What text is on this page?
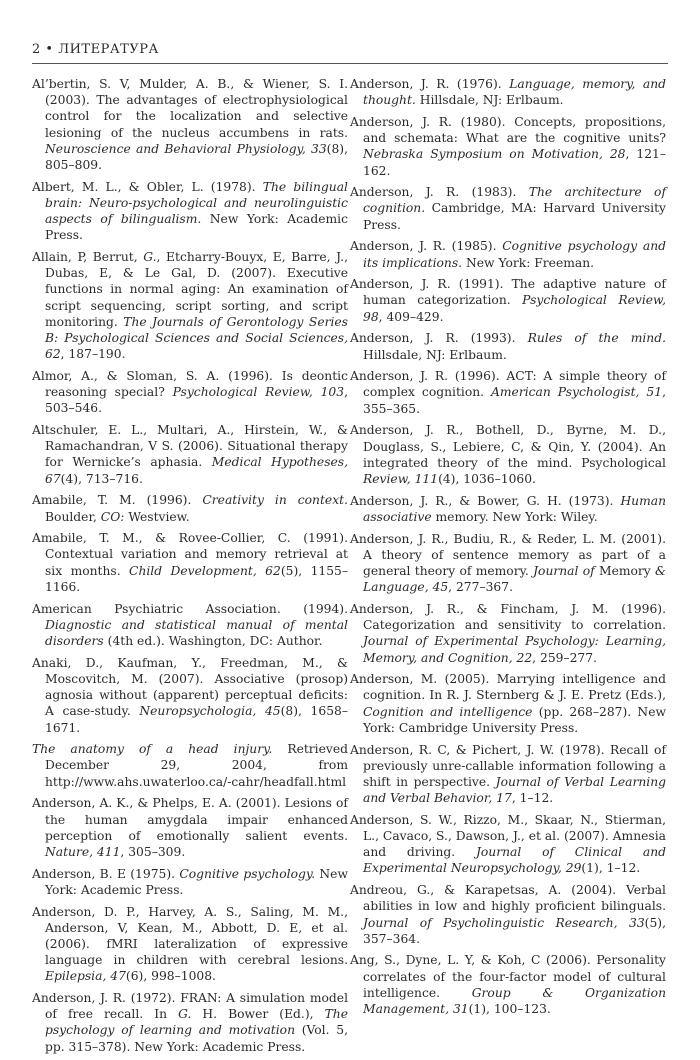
2 • ЛИТЕРАТУРА

Al’bertin, S. V, Mulder, A. B., & Wiener, S. I. (2003). The advantages of electrophysiological control for the localization and selective lesioning of the nucleus accumbens in rats. Neuroscience and Behavioral Physiology, 33(8), 805–809.

Albert, M. L., & Obler, L. (1978). The bilingual brain: Neuro-psychological and neurolinguistic aspects of bilingualism. New York: Academic Press.

Allain, P, Berrut, G., Etcharry-Bouyx, E, Barre, J., Dubas, E, & Le Gal, D. (2007). Executive functions in normal aging: An examination of script sequencing, script sorting, and script monitoring. The Journals of Gerontology Series B: Psychological Sciences and Social Sciences, 62, 187–190.

Almor, A., & Sloman, S. A. (1996). Is deontic reasoning special? Psychological Review, 103, 503–546.

Altschuler, E. L., Multari, A., Hirstein, W., & Ramachandran, V S. (2006). Situational therapy for Wernicke’s aphasia. Medical Hypotheses, 67(4), 713–716.

Amabile, T. M. (1996). Creativity in context. Boulder, CO: Westview.

Amabile, T. M., & Rovee-Collier, C. (1991). Contextual variation and memory retrieval at six months. Child Development, 62(5), 1155–1166.

American Psychiatric Association. (1994). Diagnostic and statistical manual of mental disorders (4th ed.). Washington, DC: Author.

Anaki, D., Kaufman, Y., Freedman, M., & Moscovitch, M. (2007). Associative (prosop) agnosia without (apparent) perceptual deficits: A case-study. Neuropsychologia, 45(8), 1658–1671.

The anatomy of a head injury. Retrieved December 29, 2004, from http://www.ahs.uwaterloo.ca/-cahr/headfall.html

Anderson, A. K., & Phelps, E. A. (2001). Lesions of the human amygdala impair enhanced perception of emotionally salient events. Nature, 411, 305–309.

Anderson, B. E (1975). Cognitive psychology. New York: Academic Press.

Anderson, D. P., Harvey, A. S., Saling, M. M., Anderson, V, Kean, M., Abbott, D. E, et al. (2006). fMRI lateralization of expressive language in children with cerebral lesions. Epilepsia, 47(6), 998–1008.

Anderson, J. R. (1972). FRAN: A simulation model of free recall. In G. H. Bower (Ed.), The psychology of learning and motivation (Vol. 5, pp. 315–378). New York: Academic Press.

Anderson, J. R. (1976). Language, memory, and thought. Hillsdale, NJ: Erlbaum.

Anderson, J. R. (1980). Concepts, propositions, and schemata: What are the cognitive units? Nebraska Symposium on Motivation, 28, 121–162.

Anderson, J. R. (1983). The architecture of cognition. Cambridge, MA: Harvard University Press.

Anderson, J. R. (1985). Cognitive psychology and its implications. New York: Freeman.

Anderson, J. R. (1991). The adaptive nature of human categorization. Psychological Review, 98, 409–429.

Anderson, J. R. (1993). Rules of the mind. Hillsdale, NJ: Erlbaum.

Anderson, J. R. (1996). ACT: A simple theory of complex cognition. American Psychologist, 51, 355–365.

Anderson, J. R., Bothell, D., Byrne, M. D., Douglass, S., Lebiere, C, & Qin, Y. (2004). An integrated theory of the mind. Psychological Review, 111(4), 1036–1060.

Anderson, J. R., & Bower, G. H. (1973). Human associative memory. New York: Wiley.

Anderson, J. R., Budiu, R., & Reder, L. M. (2001). A theory of sentence memory as part of a general theory of memory. Journal of Memory & Language, 45, 277–367.

Anderson, J. R., & Fincham, J. M. (1996). Categorization and sensitivity to correlation. Journal of Experimental Psychology: Learning, Memory, and Cognition, 22, 259–277.

Anderson, M. (2005). Marrying intelligence and cognition. In R. J. Sternberg & J. E. Pretz (Eds.), Cognition and intelligence (pp. 268–287). New York: Cambridge University Press.

Anderson, R. C, & Pichert, J. W. (1978). Recall of previously unre-callable information following a shift in perspective. Journal of Verbal Learning and Verbal Behavior, 17, 1–12.

Anderson, S. W., Rizzo, M., Skaar, N., Stierman, L., Cavaco, S., Dawson, J., et al. (2007). Amnesia and driving. Journal of Clinical and Experimental Neuropsychology, 29(1), 1–12.

Andreou, G., & Karapetsas, A. (2004). Verbal abilities in low and highly proficient bilinguals. Journal of Psycholinguistic Research, 33(5), 357–364.

Ang, S., Dyne, L. Y, & Koh, C (2006). Personality correlates of the four-factor model of cultural intelligence. Group & Organization Management, 31(1), 100–123.
